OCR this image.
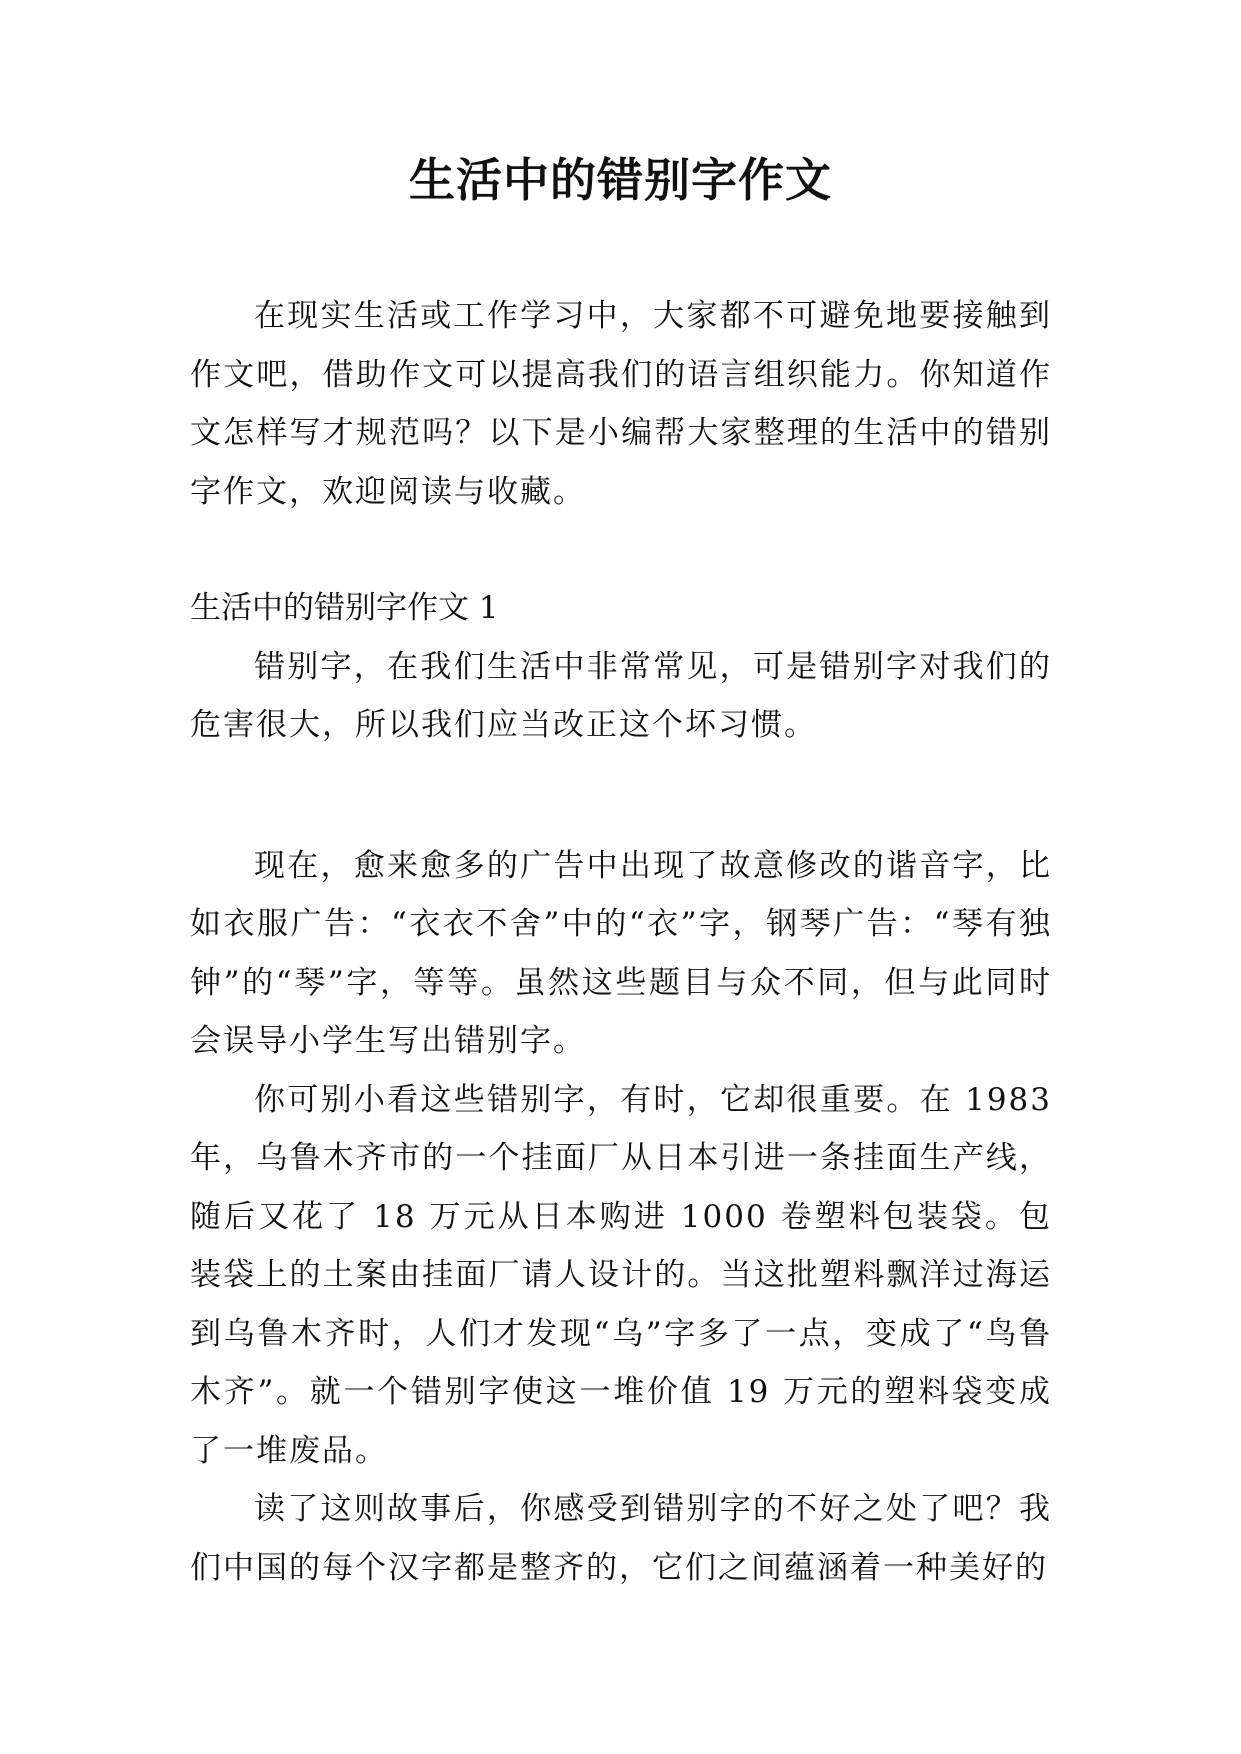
生活中的错别字作文

在现实生活或工作学习中，大家都不可避免地要接触到作文吧，借助作文可以提高我们的语言组织能力。你知道作文怎样写才规范吗？以下是小编帮大家整理的生活中的错别字作文，欢迎阅读与收藏。

生活中的错别字作文 1

错别字，在我们生活中非常常见，可是错别字对我们的危害很大，所以我们应当改正这个坏习惯。

现在，愈来愈多的广告中出现了故意修改的谐音字，比如衣服广告：“衣衣不舍”中的“衣”字，钢琴广告：“琴有独钟”的“琴”字，等等。虽然这些题目与众不同，但与此同时会误导小学生写出错别字。

你可别小看这些错别字，有时，它却很重要。在 1983 年，乌鲁木齐市的一个挂面厂从日本引进一条挂面生产线，随后又花了 18 万元从日本购进 1000 卷塑料包装袋。包装袋上的土案由挂面厂请人设计的。当这批塑料飘洋过海运到乌鲁木齐时，人们才发现“乌”字多了一点，变成了“鸟鲁木齐”。就一个错别字使这一堆价值 19 万元的塑料袋变成了一堆废品。

读了这则故事后，你感受到错别字的不好之处了吧？我们中国的每个汉字都是整齐的，它们之间蕴涵着一种美好的
